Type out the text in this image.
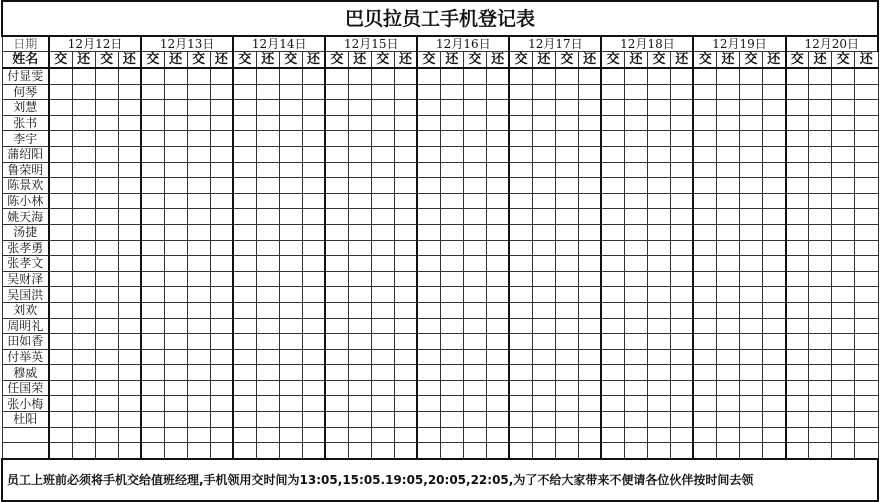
巴贝拉员工手机登记表																																				
日期	12月12日				12月13日				12月14日				12月15日				12月16日				12月17日				12月18日				12月19日				12月20日			
姓名	交	还	交	还	交	还	交	还	交	还	交	还	交	还	交	还	交	还	交	还	交	还	交	还	交	还	交	还	交	还	交	还	交	还	交	还
付显雯																																				
何琴																																				
刘慧																																				
张书																																				
李宇																																				
蒲绍阳																																				
鲁荣明																																				
陈景欢																																				
陈小林																																				
姚天海																																				
汤捷																																				
张孝勇																																				
张孝文																																				
吴财泽																																				
吴国洪																																				
刘欢																																				
周明礼																																				
田如香																																				
付举英																																				
穆威																																				
任国荣																																				
张小梅																																				
杜阳																																				

员工上班前必须将手机交给值班经理,手机领用交时间为13:05,15:05.19:05,20:05,22:05,为了不给大家带来不便请各位伙伴按时间去领																																				
